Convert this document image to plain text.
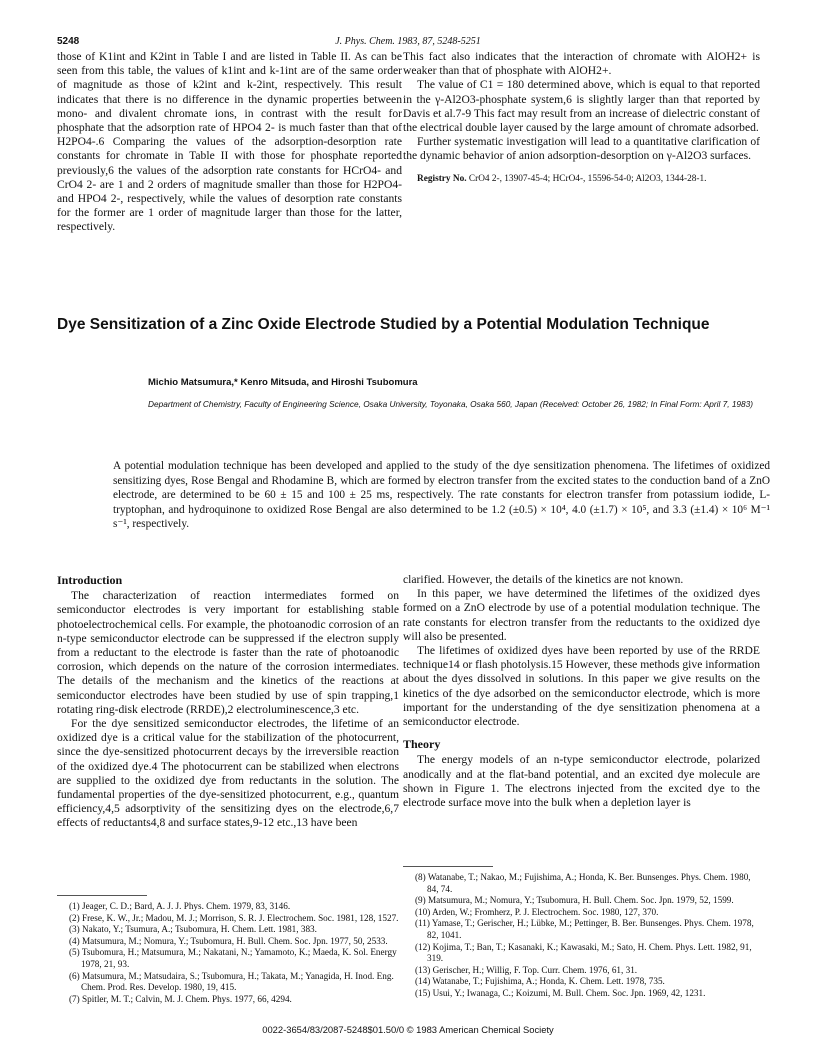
5248	J. Phys. Chem. 1983, 87, 5248-5251

those of K1int and K2int in Table I and are listed in Table II. As can be seen from this table, the values of k1int and k-1int are of the same order of magnitude as those of k2int and k-2int, respectively. This result indicates that there is no difference in the dynamic properties between mono- and divalent chromate ions, in contrast with the result for phosphate that the adsorption rate of HPO4 2- is much faster than that of H2PO4-.6 Comparing the values of the adsorption-desorption rate constants for chromate in Table II with those for phosphate reported previously,6 the values of the adsorption rate constants for HCrO4- and CrO4 2- are 1 and 2 orders of magnitude smaller than those for H2PO4- and HPO4 2-, respectively, while the values of desorption rate constants for the former are 1 order of magnitude larger than those for the latter, respectively.

This fact also indicates that the interaction of chromate with AlOH2+ is weaker than that of phosphate with AlOH2+.

The value of C1 = 180 determined above, which is equal to that reported in the γ-Al2O3-phosphate system,6 is slightly larger than that reported by Davis et al.7-9 This fact may result from an increase of dielectric constant of the electrical double layer caused by the large amount of chromate adsorbed.

Further systematic investigation will lead to a quantitative clarification of the dynamic behavior of anion adsorption-desorption on γ-Al2O3 surfaces.

Registry No. CrO4 2-, 13907-45-4; HCrO4-, 15596-54-0; Al2O3, 1344-28-1.
Dye Sensitization of a Zinc Oxide Electrode Studied by a Potential Modulation Technique
Michio Matsumura,* Kenro Mitsuda, and Hiroshi Tsubomura
Department of Chemistry, Faculty of Engineering Science, Osaka University, Toyonaka, Osaka 560, Japan (Received: October 26, 1982; In Final Form: April 7, 1983)
A potential modulation technique has been developed and applied to the study of the dye sensitization phenomena. The lifetimes of oxidized sensitizing dyes, Rose Bengal and Rhodamine B, which are formed by electron transfer from the excited states to the conduction band of a ZnO electrode, are determined to be 60 ± 15 and 100 ± 25 ms, respectively. The rate constants for electron transfer from potassium iodide, L-tryptophan, and hydroquinone to oxidized Rose Bengal are also determined to be 1.2 (±0.5) × 10⁴, 4.0 (±1.7) × 10⁵, and 3.3 (±1.4) × 10⁶ M⁻¹ s⁻¹, respectively.
Introduction

The characterization of reaction intermediates formed on semiconductor electrodes is very important for establishing stable photoelectrochemical cells. For example, the photoanodic corrosion of an n-type semiconductor electrode can be suppressed if the electron supply from a reductant to the electrode is faster than the rate of photoanodic corrosion, which depends on the nature of the corrosion intermediates. The details of the mechanism and the kinetics of the reactions at semiconductor electrodes have been studied by use of spin trapping,1 rotating ring-disk electrode (RRDE),2 electroluminescence,3 etc.

For the dye sensitized semiconductor electrodes, the lifetime of an oxidized dye is a critical value for the stabilization of the photocurrent, since the dye-sensitized photocurrent decays by the irreversible reaction of the oxidized dye.4 The photocurrent can be stabilized when electrons are supplied to the oxidized dye from reductants in the solution. The fundamental properties of the dye-sensitized photocurrent, e.g., quantum efficiency,4,5 adsorptivity of the sensitizing dyes on the electrode,6,7 effects of reductants4,8 and surface states,9-12 etc.,13 have been

clarified. However, the details of the kinetics are not known.

In this paper, we have determined the lifetimes of the oxidized dyes formed on a ZnO electrode by use of a potential modulation technique. The rate constants for electron transfer from the reductants to the oxidized dye will also be presented.

The lifetimes of oxidized dyes have been reported by use of the RRDE technique14 or flash photolysis.15 However, these methods give information about the dyes dissolved in solutions. In this paper we give results on the kinetics of the dye adsorbed on the semiconductor electrode, which is more important for the understanding of the dye sensitization phenomena at a semiconductor electrode.

Theory

The energy models of an n-type semiconductor electrode, polarized anodically and at the flat-band potential, and an excited dye molecule are shown in Figure 1. The electrons injected from the excited dye to the electrode surface move into the bulk when a depletion layer is

(1) Jeager, C. D.; Bard, A. J. J. Phys. Chem. 1979, 83, 3146.
(2) Frese, K. W., Jr.; Madou, M. J.; Morrison, S. R. J. Electrochem. Soc. 1981, 128, 1527.
(3) Nakato, Y.; Tsumura, A.; Tsubomura, H. Chem. Lett. 1981, 383.
(4) Matsumura, M.; Nomura, Y.; Tsubomura, H. Bull. Chem. Soc. Jpn. 1977, 50, 2533.
(5) Tsubomura, H.; Matsumura, M.; Nakatani, N.; Yamamoto, K.; Maeda, K. Sol. Energy 1978, 21, 93.
(6) Matsumura, M.; Matsudaira, S.; Tsubomura, H.; Takata, M.; Yanagida, H. Inod. Eng. Chem. Prod. Res. Develop. 1980, 19, 415.
(7) Spitler, M. T.; Calvin, M. J. Chem. Phys. 1977, 66, 4294.
(8) Watanabe, T.; Nakao, M.; Fujishima, A.; Honda, K. Ber. Bunsenges. Phys. Chem. 1980, 84, 74.
(9) Matsumura, M.; Nomura, Y.; Tsubomura, H. Bull. Chem. Soc. Jpn. 1979, 52, 1599.
(10) Arden, W.; Fromherz, P. J. Electrochem. Soc. 1980, 127, 370.
(11) Yamase, T.; Gerischer, H.; Lübke, M.; Pettinger, B. Ber. Bunsenges. Phys. Chem. 1978, 82, 1041.
(12) Kojima, T.; Ban, T.; Kasanaki, K.; Kawasaki, M.; Sato, H. Chem. Phys. Lett. 1982, 91, 319.
(13) Gerischer, H.; Willig, F. Top. Curr. Chem. 1976, 61, 31.
(14) Watanabe, T.; Fujishima, A.; Honda, K. Chem. Lett. 1978, 735.
(15) Usui, Y.; Iwanaga, C.; Koizumi, M. Bull. Chem. Soc. Jpn. 1969, 42, 1231.
0022-3654/83/2087-5248$01.50/0 © 1983 American Chemical Society
